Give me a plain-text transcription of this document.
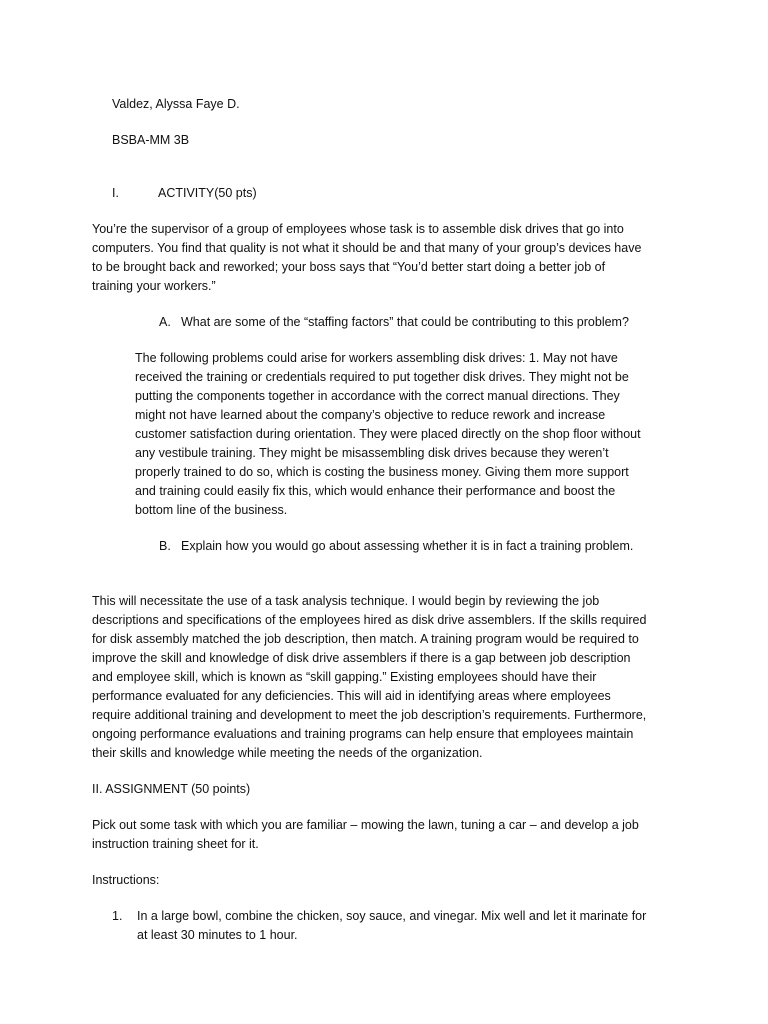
Valdez, Alyssa Faye D.

BSBA-MM 3B

I.	ACTIVITY(50 pts)

You’re the supervisor of a group of employees whose task is to assemble disk drives that go into computers. You find that quality is not what it should be and that many of your group’s devices have to be brought back and reworked; your boss says that “You’d better start doing a better job of training your workers.”

A. What are some of the “staffing factors” that could be contributing to this problem?

The following problems could arise for workers assembling disk drives: 1. May not have received the training or credentials required to put together disk drives. They might not be putting the components together in accordance with the correct manual directions. They might not have learned about the company’s objective to reduce rework and increase customer satisfaction during orientation. They were placed directly on the shop floor without any vestibule training. They might be misassembling disk drives because they weren’t properly trained to do so, which is costing the business money. Giving them more support and training could easily fix this, which would enhance their performance and boost the bottom line of the business.

B. Explain how you would go about assessing whether it is in fact a training problem.

This will necessitate the use of a task analysis technique. I would begin by reviewing the job descriptions and specifications of the employees hired as disk drive assemblers. If the skills required for disk assembly matched the job description, then match. A training program would be required to improve the skill and knowledge of disk drive assemblers if there is a gap between job description and employee skill, which is known as “skill gapping.” Existing employees should have their performance evaluated for any deficiencies. This will aid in identifying areas where employees require additional training and development to meet the job description’s requirements. Furthermore, ongoing performance evaluations and training programs can help ensure that employees maintain their skills and knowledge while meeting the needs of the organization.

II. ASSIGNMENT (50 points)

Pick out some task with which you are familiar – mowing the lawn, tuning a car – and develop a job instruction training sheet for it.

Instructions:

1.	In a large bowl, combine the chicken, soy sauce, and vinegar. Mix well and let it marinate for at least 30 minutes to 1 hour.
